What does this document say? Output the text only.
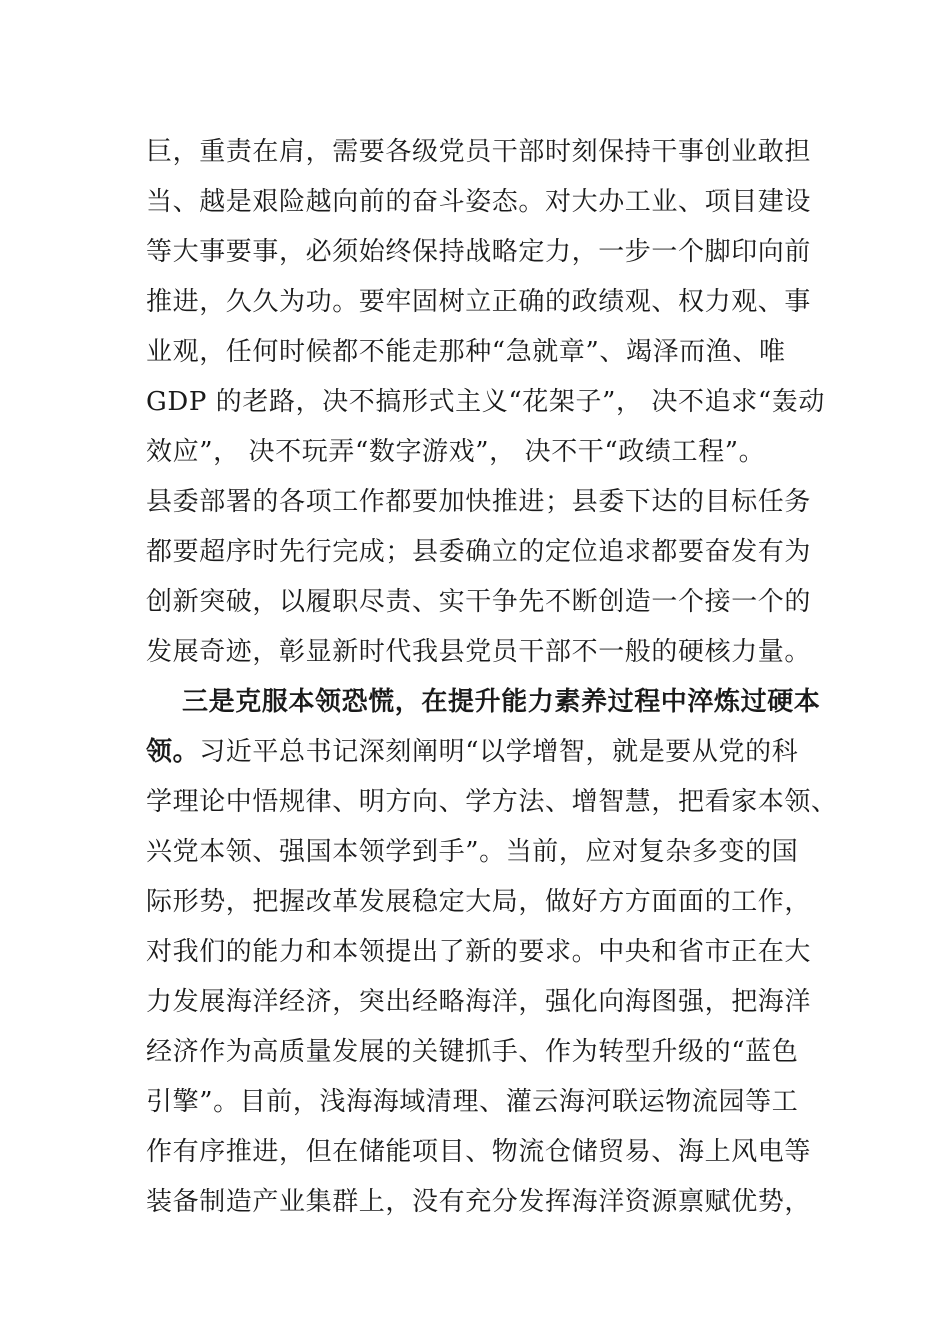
巨，重责在肩，需要各级党员干部时刻保持干事创业敢担
当、越是艰险越向前的奋斗姿态。对大办工业、项目建设
等大事要事，必须始终保持战略定力，一步一个脚印向前
推进，久久为功。要牢固树立正确的政绩观、权力观、事
业观，任何时候都不能走那种“急就章”、竭泽而渔、唯
GDP 的老路，决不搞形式主义“花架子”， 决不追求“轰动
效应”， 决不玩弄“数字游戏”， 决不干“政绩工程”。
县委部署的各项工作都要加快推进；县委下达的目标任务
都要超序时先行完成；县委确立的定位追求都要奋发有为
创新突破，以履职尽责、实干争先不断创造一个接一个的
发展奇迹，彰显新时代我县党员干部不一般的硬核力量。
三是克服本领恐慌，在提升能力素养过程中淬炼过硬本
领。习近平总书记深刻阐明“以学增智，就是要从党的科
学理论中悟规律、明方向、学方法、增智慧，把看家本领、
兴党本领、强国本领学到手”。当前，应对复杂多变的国
际形势，把握改革发展稳定大局，做好方方面面的工作，
对我们的能力和本领提出了新的要求。中央和省市正在大
力发展海洋经济，突出经略海洋，强化向海图强，把海洋
经济作为高质量发展的关键抓手、作为转型升级的“蓝色
引擎”。目前，浅海海域清理、灌云海河联运物流园等工
作有序推进，但在储能项目、物流仓储贸易、海上风电等
装备制造产业集群上，没有充分发挥海洋资源禀赋优势，
